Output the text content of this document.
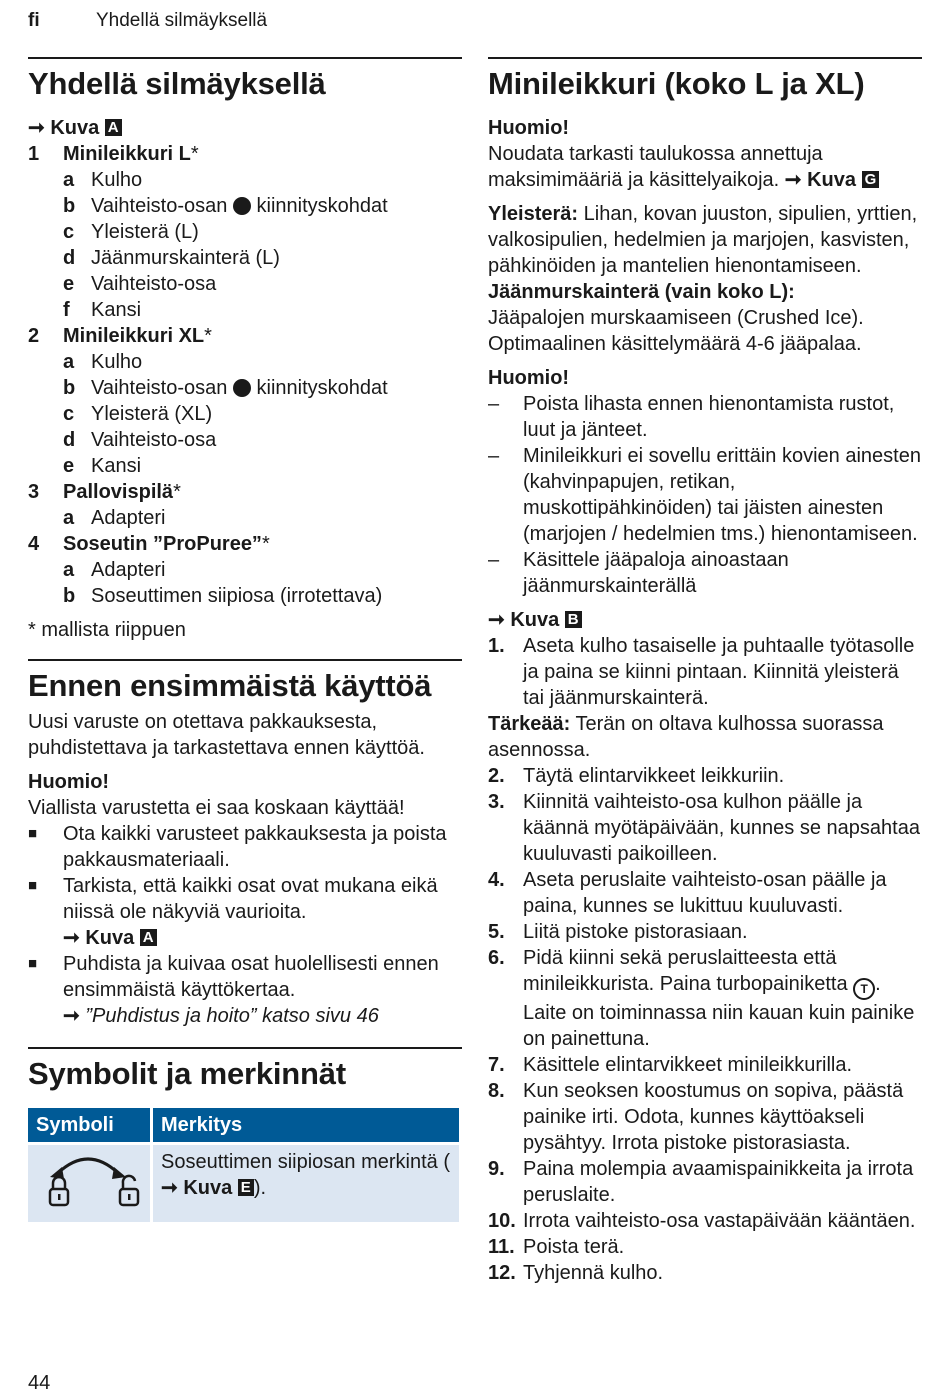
fi	Yhdellä silmäyksellä
Yhdellä silmäyksellä
➞ Kuva A
1	Minileikkuri L*
a Kulho
b Vaihteisto-osan kiinnityskohdat
c Yleisterä (L)
d Jäänmurskainterä (L)
e Vaihteisto-osa
f	Kansi
2	Minileikkuri XL*
a Kulho
b Vaihteisto-osan kiinnityskohdat
c Yleisterä (XL)
d Vaihteisto-osa
e Kansi
3	Pallovispilä*
a Adapteri
4	Soseutin ”ProPuree”*
a Adapteri
b Soseuttimen siipiosa (irrotettava)
* mallista riippuen
Ennen ensimmäistä käyttöä
Uusi varuste on otettava pakkauksesta, puhdistettava ja tarkastettava ennen käyttöä.
Huomio!
Viallista varustetta ei saa koskaan käyttää!
■	Ota kaikki varusteet pakkauksesta ja poista pakkausmateriaali.
■	Tarkista, että kaikki osat ovat mukana eikä niissä ole näkyviä vaurioita.
➞ Kuva A
■	Puhdista ja kuivaa osat huolellisesti ennen ensimmäistä käyttökertaa.
➞ ”Puhdistus ja hoito” katso sivu 46
Symbolit ja merkinnät
Symboli	Merkitys
	Soseuttimen siipiosan merkintä (➞ Kuva E ).
Minileikkuri (koko L ja XL)
Huomio!
Noudata tarkasti taulukossa annettuja maksimimääriä ja käsittelyaikoja. ➞ Kuva G
Yleisterä: Lihan, kovan juuston, sipulien, yrttien, valkosipulien, hedelmien ja marjojen, kasvisten, pähkinöiden ja mantelien hienontamiseen.
Jäänmurskainterä (vain koko L):
Jääpalojen murskaamiseen (Crushed Ice). Optimaalinen käsittelymäärä 4-6 jääpalaa.
Huomio!
–	Poista lihasta ennen hienontamista rustot, luut ja jänteet.
–	Minileikkuri ei sovellu erittäin kovien ainesten (kahvinpapujen, retikan, muskottipähkinöiden) tai jäisten ainesten (marjojen / hedelmien tms.) hienontamiseen.
–	Käsittele jääpaloja ainoastaan jäänmurskainterällä
➞ Kuva B
1. Aseta kulho tasaiselle ja puhtaalle työtasolle ja paina se kiinni pintaan. Kiinnitä yleisterä tai jäänmurskainterä.
Tärkeää: Terän on oltava kulhossa suorassa asennossa.
2. Täytä elintarvikkeet leikkuriin.
3. Kiinnitä vaihteisto-osa kulhon päälle ja käännä myötäpäivään, kunnes se napsahtaa kuuluvasti paikoilleen.
4. Aseta peruslaite vaihteisto-osan päälle ja paina, kunnes se lukittuu kuuluvasti.
5. Liitä pistoke pistorasiaan.
6. Pidä kiinni sekä peruslaitteesta että minileikkurista. Paina turbopainiketta T . Laite on toiminnassa niin kauan kuin painike on painettuna.
7. Käsittele elintarvikkeet minileikkurilla.
8. Kun seoksen koostumus on sopiva, päästä painike irti. Odota, kunnes käyttöakseli pysähtyy. Irrota pistoke pistorasiasta.
9. Paina molempia avaamispainikkeita ja irrota peruslaite.
10. Irrota vaihteisto-osa vastapäivään kääntäen.
11. Poista terä.
12. Tyhjennä kulho.
44
